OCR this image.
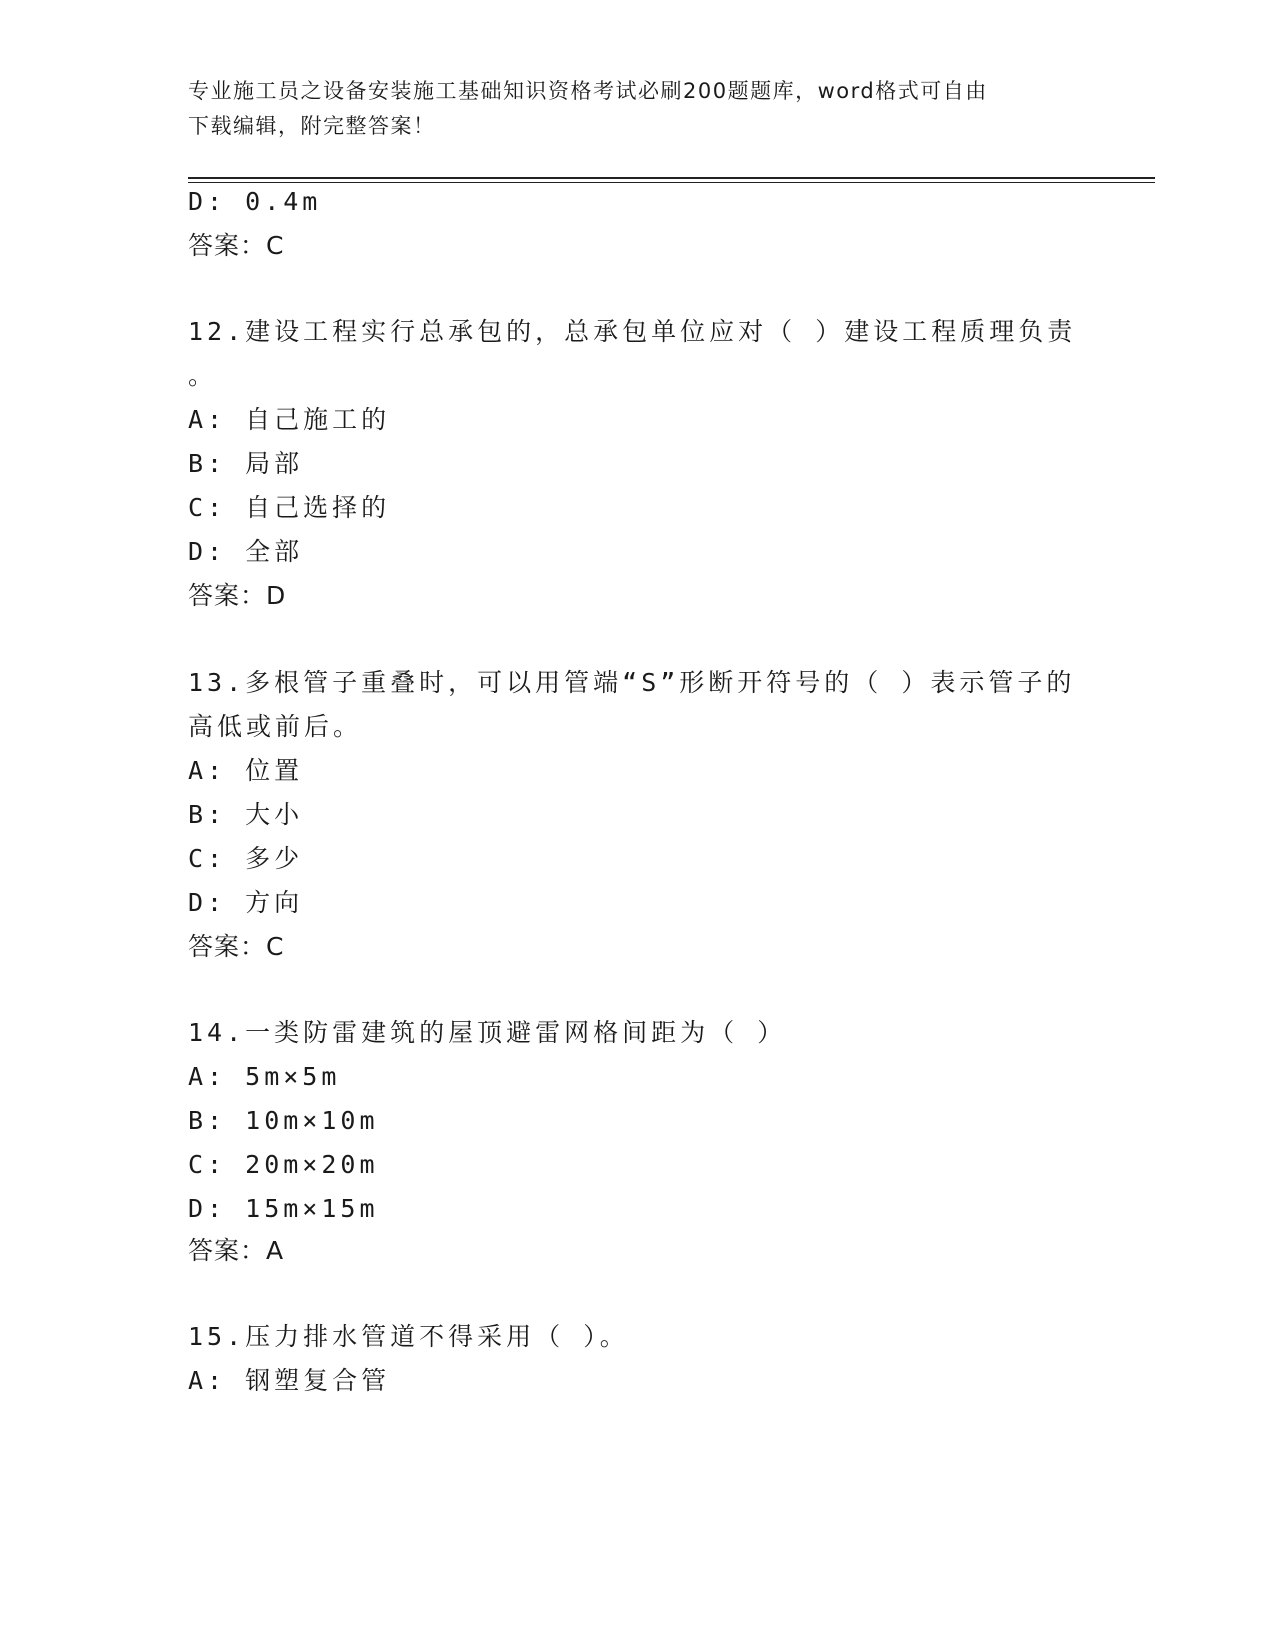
专业施工员之设备安装施工基础知识资格考试必刷200题题库，word格式可自由
下载编辑，附完整答案！
D: 0.4m
答案：C
12.建设工程实行总承包的，总承包单位应对（ ）建设工程质理负责
。
A: 自己施工的
B: 局部
C: 自己选择的
D: 全部
答案：D
13.多根管子重叠时，可以用管端“S”形断开符号的（ ）表示管子的
高低或前后。
A: 位置
B: 大小
C: 多少
D: 方向
答案：C
14.一类防雷建筑的屋顶避雷网格间距为（ ）
A: 5m×5m
B: 10m×10m
C: 20m×20m
D: 15m×15m
答案：A
15.压力排水管道不得采用（ ）。
A: 钢塑复合管
